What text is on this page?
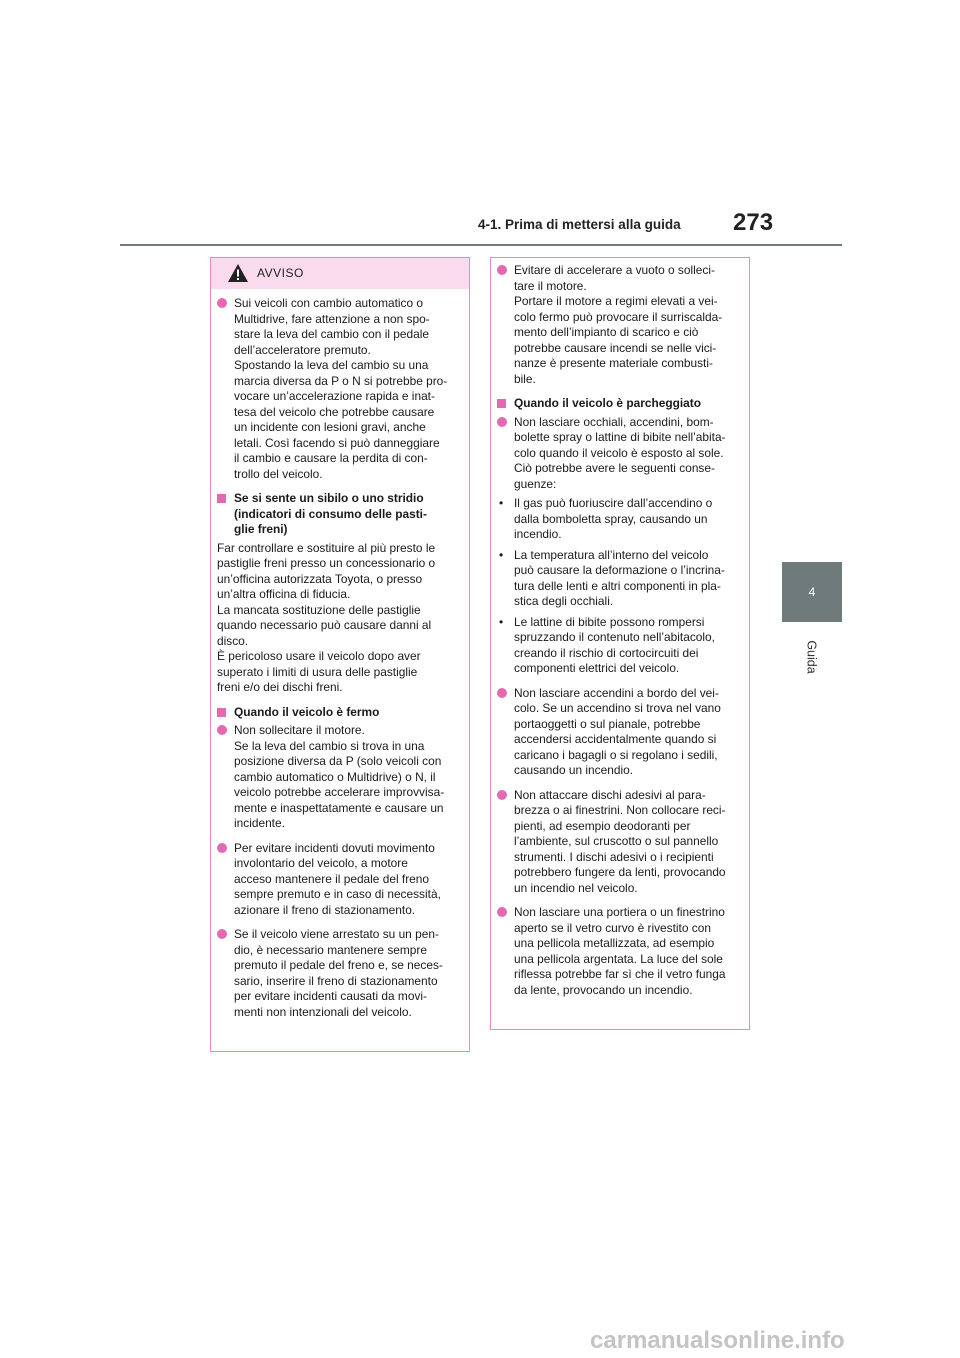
4-1. Prima di mettersi alla guida 273
4
Guida
AVVISO
Sui veicoli con cambio automatico o
Multidrive, fare attenzione a non spo-
stare la leva del cambio con il pedale
dell’acceleratore premuto.
Spostando la leva del cambio su una
marcia diversa da P o N si potrebbe pro-
vocare un’accelerazione rapida e inat-
tesa del veicolo che potrebbe causare
un incidente con lesioni gravi, anche
letali. Così facendo si può danneggiare
il cambio e causare la perdita di con-
trollo del veicolo.
Se si sente un sibilo o uno stridio
(indicatori di consumo delle pasti-
glie freni)
Far controllare e sostituire al più presto le
pastiglie freni presso un concessionario o
un’officina autorizzata Toyota, o presso
un’altra officina di fiducia.
La mancata sostituzione delle pastiglie
quando necessario può causare danni al
disco.
È pericoloso usare il veicolo dopo aver
superato i limiti di usura delle pastiglie
freni e/o dei dischi freni.
Quando il veicolo è fermo
Non sollecitare il motore.
Se la leva del cambio si trova in una
posizione diversa da P (solo veicoli con
cambio automatico o Multidrive) o N, il
veicolo potrebbe accelerare improvvisa-
mente e inaspettatamente e causare un
incidente.
Per evitare incidenti dovuti movimento
involontario del veicolo, a motore
acceso mantenere il pedale del freno
sempre premuto e in caso di necessità,
azionare il freno di stazionamento.
Se il veicolo viene arrestato su un pen-
dio, è necessario mantenere sempre
premuto il pedale del freno e, se neces-
sario, inserire il freno di stazionamento
per evitare incidenti causati da movi-
menti non intenzionali del veicolo.
Evitare di accelerare a vuoto o solleci-
tare il motore.
Portare il motore a regimi elevati a vei-
colo fermo può provocare il surriscalda-
mento dell’impianto di scarico e ciò
potrebbe causare incendi se nelle vici-
nanze è presente materiale combusti-
bile.
Quando il veicolo è parcheggiato
Non lasciare occhiali, accendini, bom-
bolette spray o lattine di bibite nell’abita-
colo quando il veicolo è esposto al sole.
Ciò potrebbe avere le seguenti conse-
guenze:
• Il gas può fuoriuscire dall’accendino o
dalla bomboletta spray, causando un
incendio.
• La temperatura all’interno del veicolo
può causare la deformazione o l’incrina-
tura delle lenti e altri componenti in pla-
stica degli occhiali.
• Le lattine di bibite possono rompersi
spruzzando il contenuto nell’abitacolo,
creando il rischio di cortocircuiti dei
componenti elettrici del veicolo.
Non lasciare accendini a bordo del vei-
colo. Se un accendino si trova nel vano
portaoggetti o sul pianale, potrebbe
accendersi accidentalmente quando si
caricano i bagagli o si regolano i sedili,
causando un incendio.
Non attaccare dischi adesivi al para-
brezza o ai finestrini. Non collocare reci-
pienti, ad esempio deodoranti per
l’ambiente, sul cruscotto o sul pannello
strumenti. I dischi adesivi o i recipienti
potrebbero fungere da lenti, provocando
un incendio nel veicolo.
Non lasciare una portiera o un finestrino
aperto se il vetro curvo è rivestito con
una pellicola metallizzata, ad esempio
una pellicola argentata. La luce del sole
riflessa potrebbe far sì che il vetro funga
da lente, provocando un incendio.
carmanualsonline.info
